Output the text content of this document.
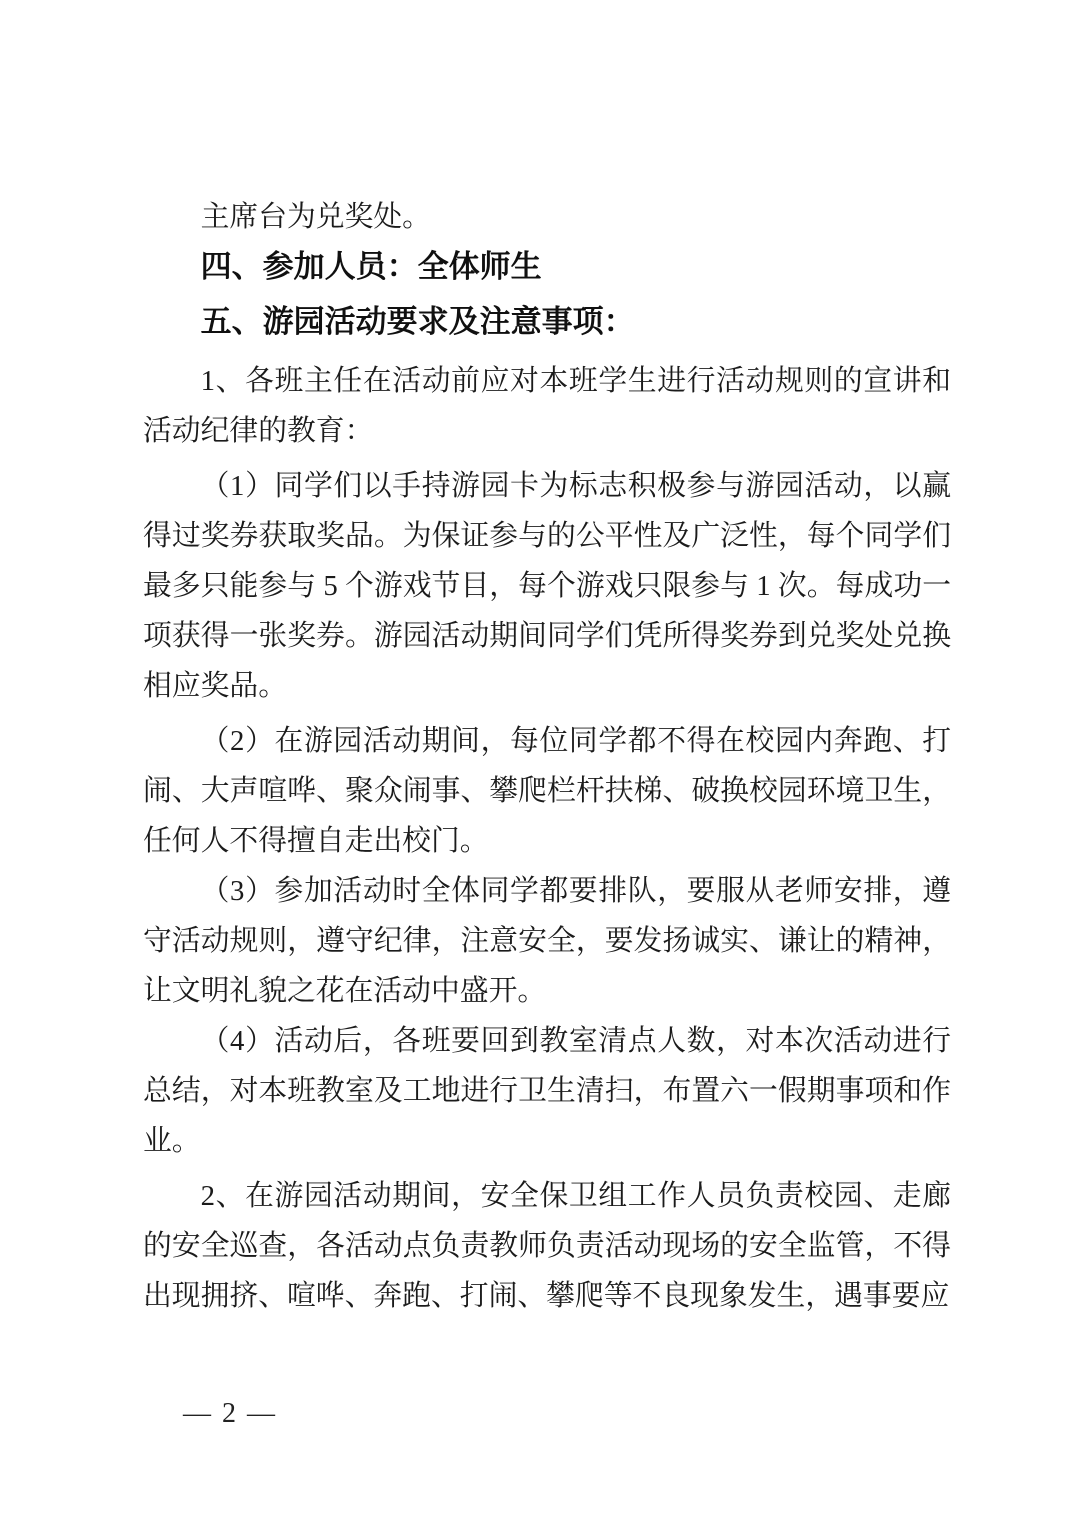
主席台为兑奖处。

四、参加人员：全体师生
五、游园活动要求及注意事项：

1、各班主任在活动前应对本班学生进行活动规则的宣讲和活动纪律的教育：

（1）同学们以手持游园卡为标志积极参与游园活动，以赢得过奖券获取奖品。为保证参与的公平性及广泛性，每个同学们最多只能参与 5 个游戏节目，每个游戏只限参与 1 次。每成功一项获得一张奖券。游园活动期间同学们凭所得奖券到兑奖处兑换相应奖品。

（2）在游园活动期间，每位同学都不得在校园内奔跑、打闹、大声喧哗、聚众闹事、攀爬栏杆扶梯、破换校园环境卫生，任何人不得擅自走出校门。

（3）参加活动时全体同学都要排队，要服从老师安排，遵守活动规则，遵守纪律，注意安全，要发扬诚实、谦让的精神，让文明礼貌之花在活动中盛开。

（4）活动后，各班要回到教室清点人数，对本次活动进行总结，对本班教室及工地进行卫生清扫，布置六一假期事项和作业。

2、在游园活动期间，安全保卫组工作人员负责校园、走廊的安全巡查，各活动点负责教师负责活动现场的安全监管，不得出现拥挤、喧哗、奔跑、打闹、攀爬等不良现象发生，遇事要应

— 2 —
